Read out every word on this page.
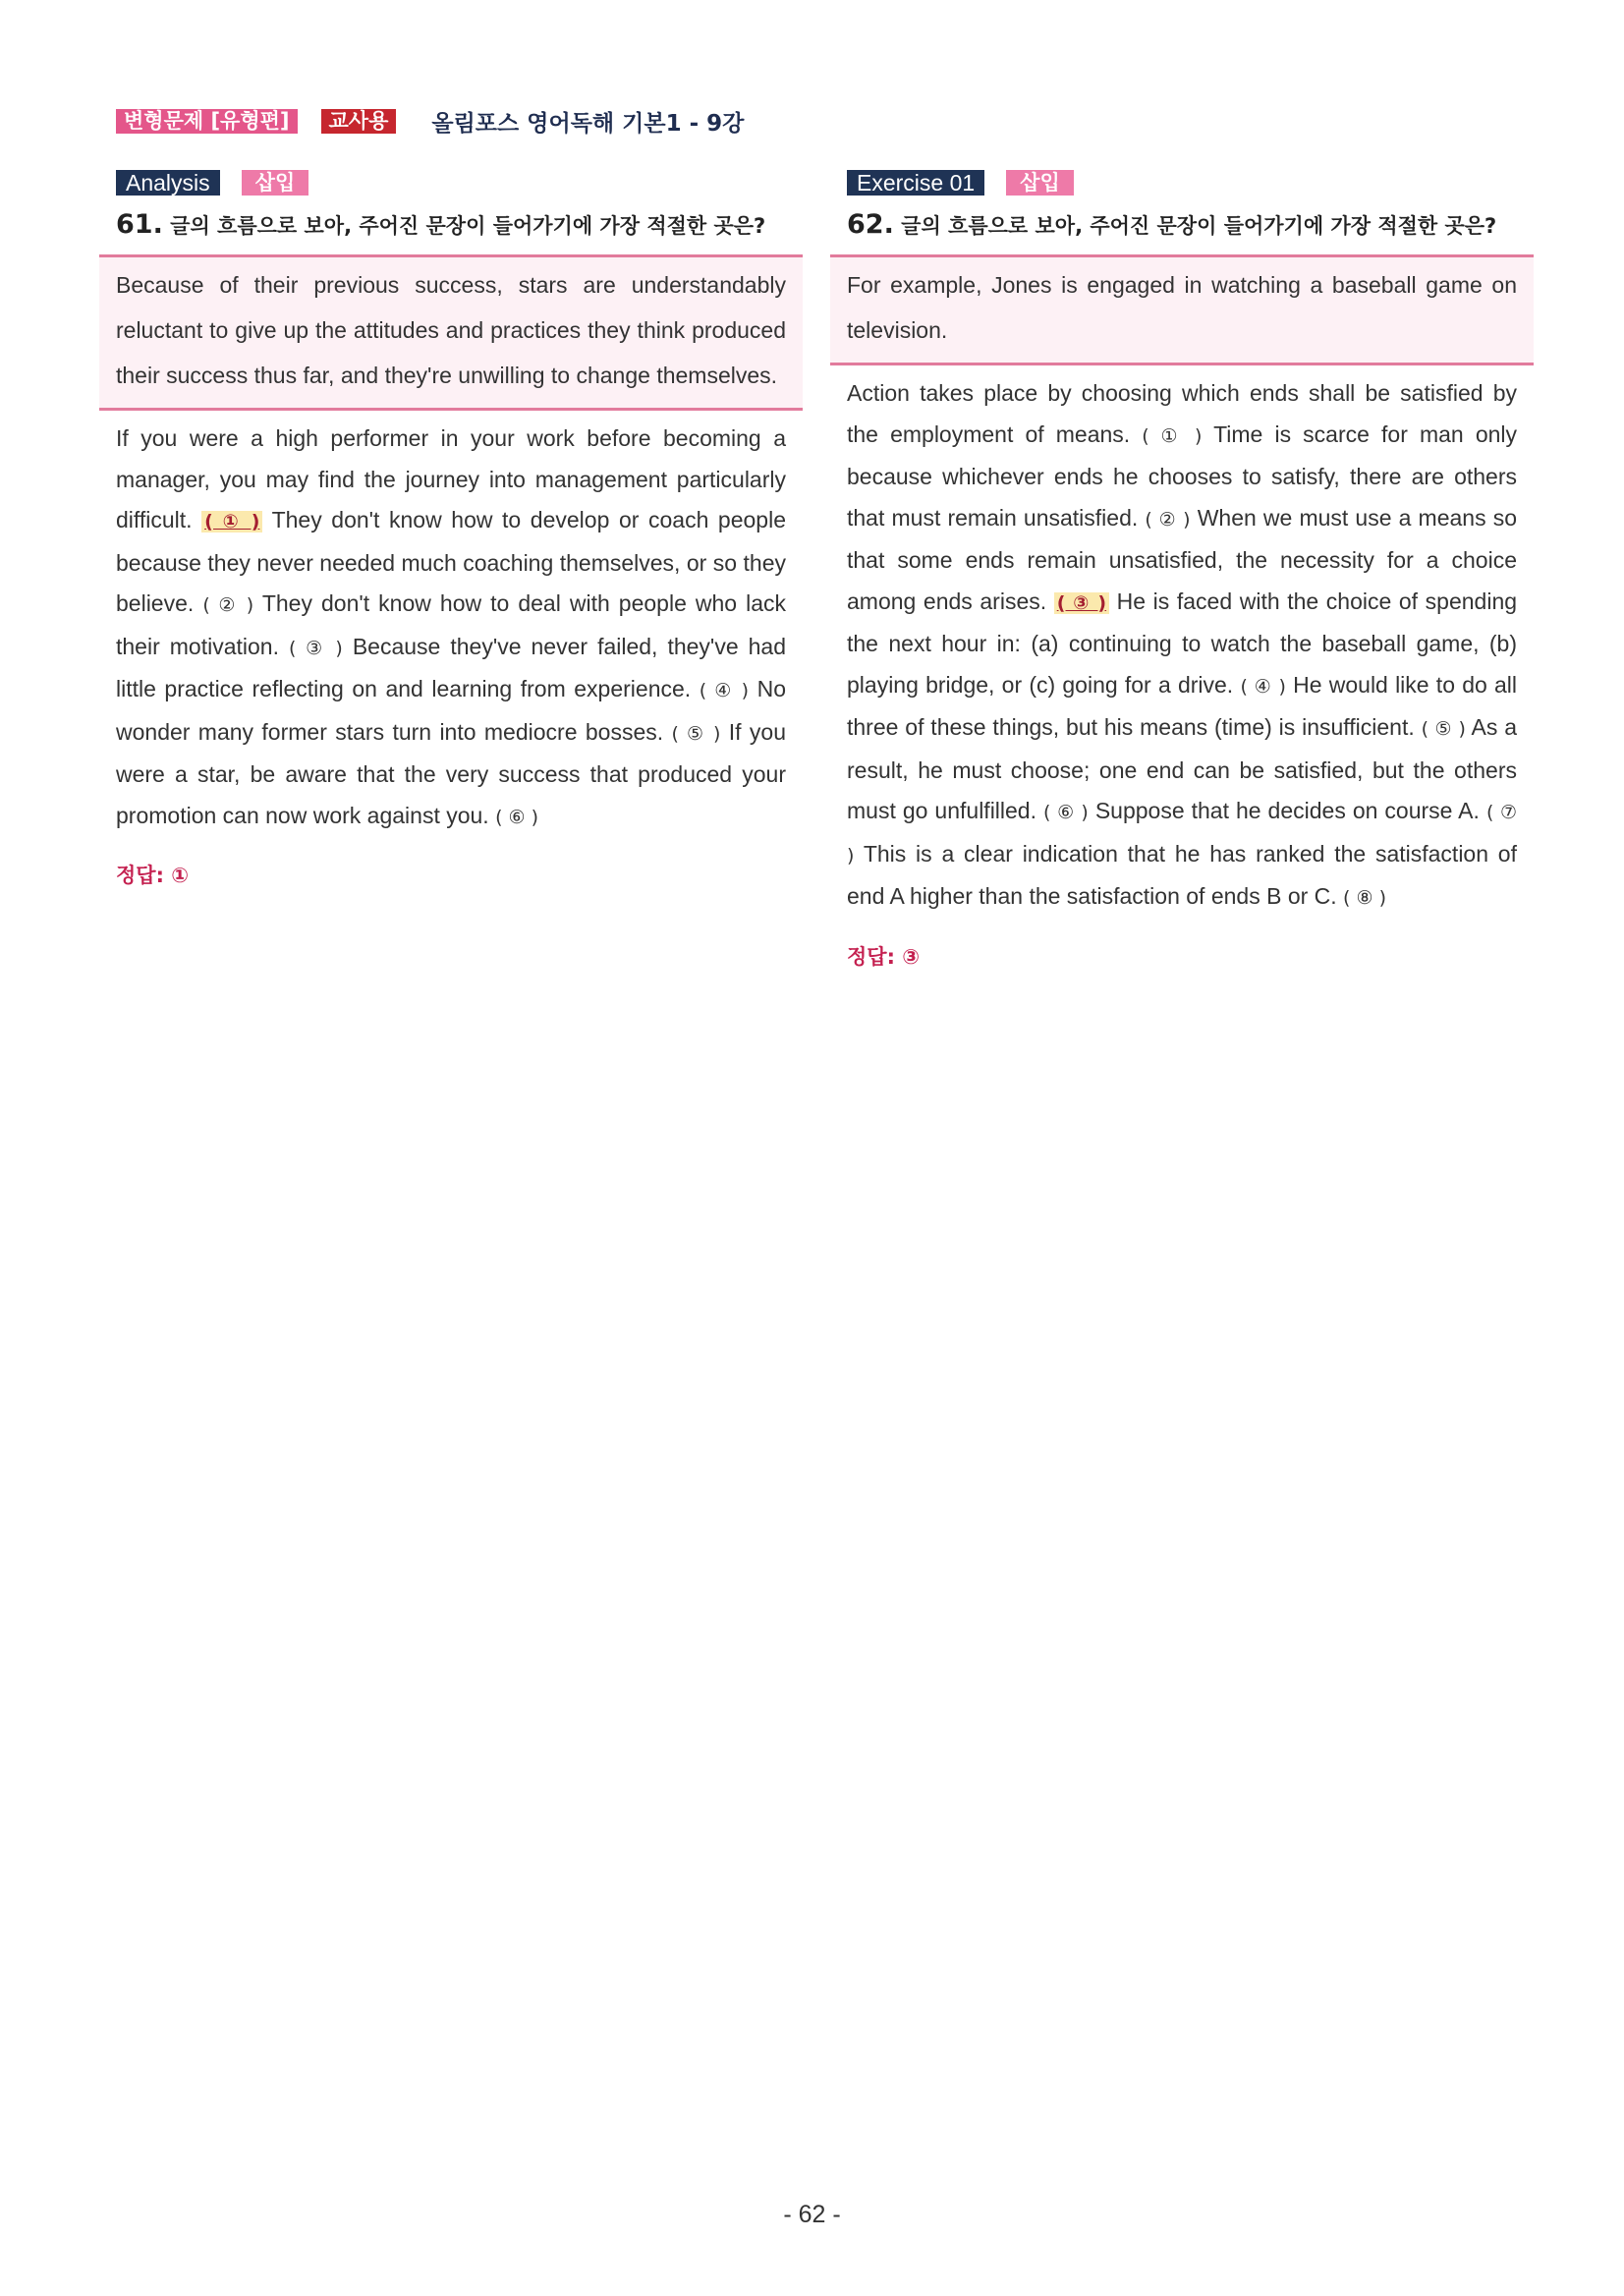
변형문제 [유형편]	교사용	올림포스 영어독해 기본1 - 9강
Analysis	삽입
61. 글의 흐름으로 보아, 주어진 문장이 들어가기에 가장 적절한 곳은?

Because of their previous success, stars are understandably reluctant to give up the attitudes and practices they think produced their success thus far, and they're unwilling to change themselves.

If you were a high performer in your work before becoming a manager, you may find the journey into management particularly difficult. ( ① ) They don't know how to develop or coach people because they never needed much coaching themselves, or so they believe. ( ② ) They don't know how to deal with people who lack their motivation. ( ③ ) Because they've never failed, they've had little practice reflecting on and learning from experience. ( ④ ) No wonder many former stars turn into mediocre bosses. ( ⑤ ) If you were a star, be aware that the very success that produced your promotion can now work against you. ( ⑥ )

정답: ①
Exercise 01	삽입
62. 글의 흐름으로 보아, 주어진 문장이 들어가기에 가장 적절한 곳은?

For example, Jones is engaged in watching a baseball game on television.

Action takes place by choosing which ends shall be satisfied by the employment of means. ( ① ) Time is scarce for man only because whichever ends he chooses to satisfy, there are others that must remain unsatisfied. ( ② ) When we must use a means so that some ends remain unsatisfied, the necessity for a choice among ends arises. ( ③ ) He is faced with the choice of spending the next hour in: (a) continuing to watch the baseball game, (b) playing bridge, or (c) going for a drive. ( ④ ) He would like to do all three of these things, but his means (time) is insufficient. ( ⑤ ) As a result, he must choose; one end can be satisfied, but the others must go unfulfilled. ( ⑥ ) Suppose that he decides on course A. ( ⑦ ) This is a clear indication that he has ranked the satisfaction of end A higher than the satisfaction of ends B or C. ( ⑧ )

정답: ③
- 62 -
